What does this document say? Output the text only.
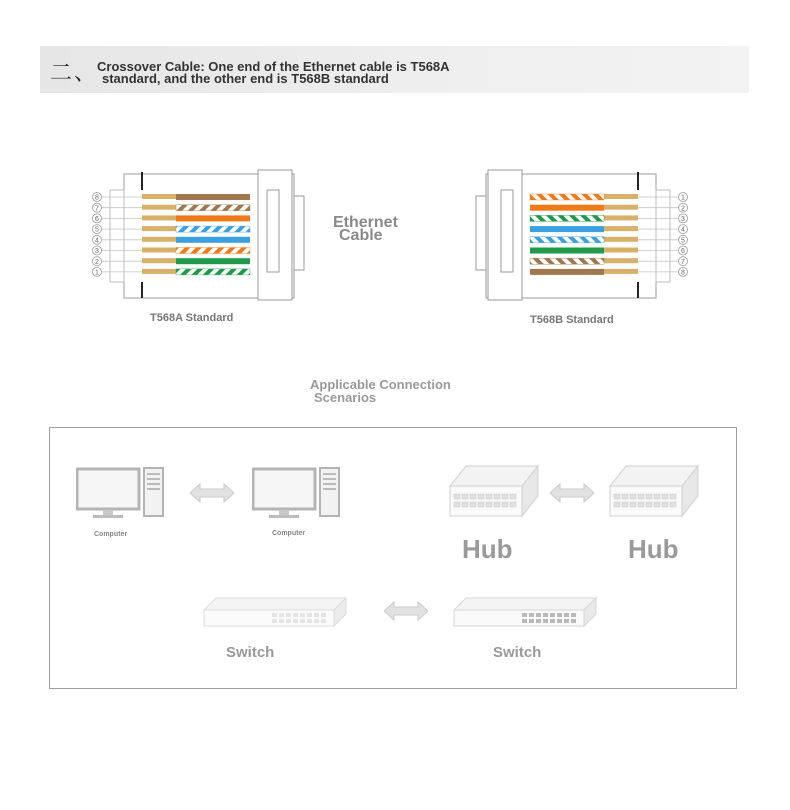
二、
Crossover Cable: One end of the Ethernet cable is T568A
standard, and the other end is T568B standard
8
7
6
5
4
3
2
1
1
2
3
4
5
6
7
8
Ethernet
Cable
T568A Standard	T568B Standard
Applicable Connection
Scenarios
Computer	Computer
Hub	Hub
Switch	Switch
